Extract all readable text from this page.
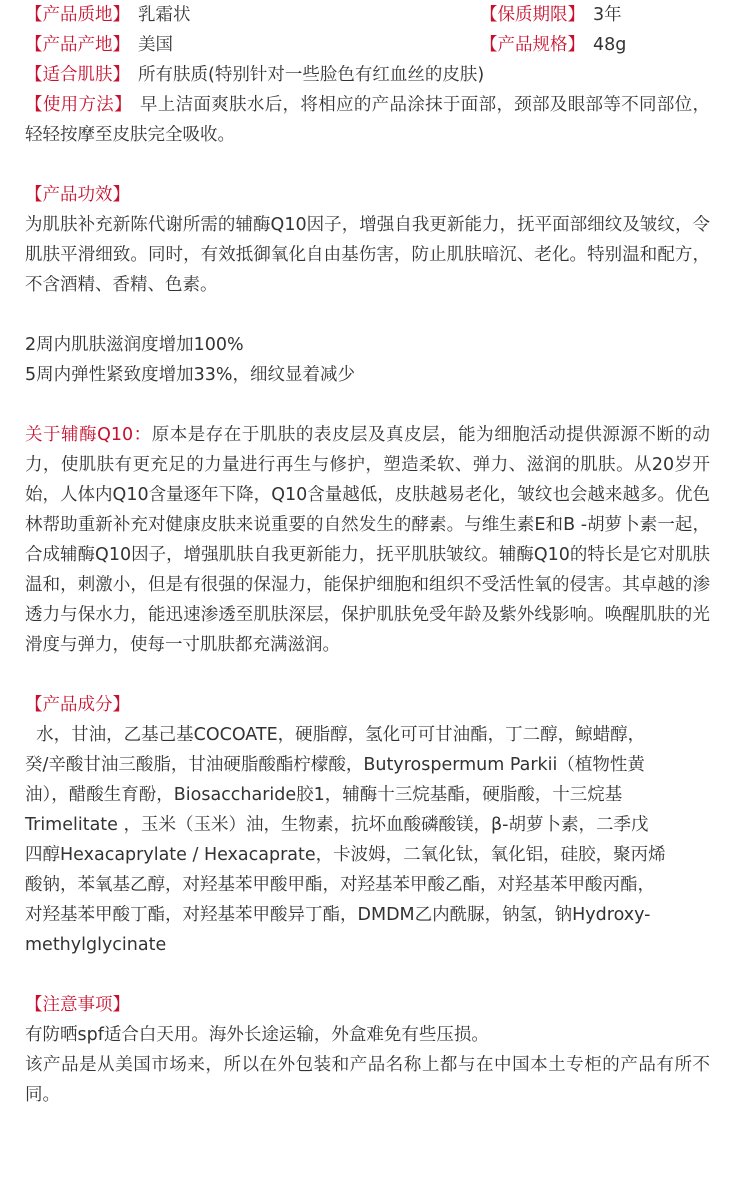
【产品质地】 乳霜状	【保质期限】 3年
【产品产地】 美国	【产品规格】 48g
【适合肌肤】 所有肤质(特别针对一些脸色有红血丝的皮肤)

【使用方法】 早上洁面爽肤水后，将相应的产品涂抹于面部，颈部及眼部等不同部位，轻轻按摩至皮肤完全吸收。

【产品功效】

为肌肤补充新陈代谢所需的辅酶Q10因子，增强自我更新能力，抚平面部细纹及皱纹，令肌肤平滑细致。同时，有效抵御氧化自由基伤害，防止肌肤暗沉、老化。特别温和配方，不含酒精、香精、色素。

2周内肌肤滋润度增加100%

5周内弹性紧致度增加33%，细纹显着减少

关于辅酶Q10：原本是存在于肌肤的表皮层及真皮层，能为细胞活动提供源源不断的动力，使肌肤有更充足的力量进行再生与修护，塑造柔软、弹力、滋润的肌肤。从20岁开始，人体内Q10含量逐年下降，Q10含量越低，皮肤越易老化，皱纹也会越来越多。优色林帮助重新补充对健康皮肤来说重要的自然发生的酵素。与维生素E和B -胡萝卜素一起，合成辅酶Q10因子，增强肌肤自我更新能力，抚平肌肤皱纹。辅酶Q10的特长是它对肌肤温和，刺激小，但是有很强的保湿力，能保护细胞和组织不受活性氧的侵害。其卓越的渗透力与保水力，能迅速渗透至肌肤深层，保护肌肤免受年龄及紫外线影响。唤醒肌肤的光滑度与弹力，使每一寸肌肤都充满滋润。

【产品成分】

水，甘油，乙基己基COCOATE，硬脂醇，氢化可可甘油酯，丁二醇，鲸蜡醇，

癸/辛酸甘油三酸脂，甘油硬脂酸酯柠檬酸，Butyrospermum Parkii（植物性黄

油），醋酸生育酚，Biosaccharide胶1，辅酶十三烷基酯，硬脂酸，十三烷基

Trimelitate ，玉米（玉米）油，生物素，抗坏血酸磷酸镁，β-胡萝卜素，二季戊

四醇Hexacaprylate / Hexacaprate，卡波姆，二氧化钛，氧化铝，硅胶，聚丙烯

酸钠，苯氧基乙醇，对羟基苯甲酸甲酯，对羟基苯甲酸乙酯，对羟基苯甲酸丙酯，

对羟基苯甲酸丁酯，对羟基苯甲酸异丁酯，DMDM乙内酰脲，钠氢，钠Hydroxy-

methylglycinate

【注意事项】

有防晒spf适合白天用。海外长途运输，外盒难免有些压损。

该产品是从美国市场来，所以在外包装和产品名称上都与在中国本土专柜的产品有所不同。
